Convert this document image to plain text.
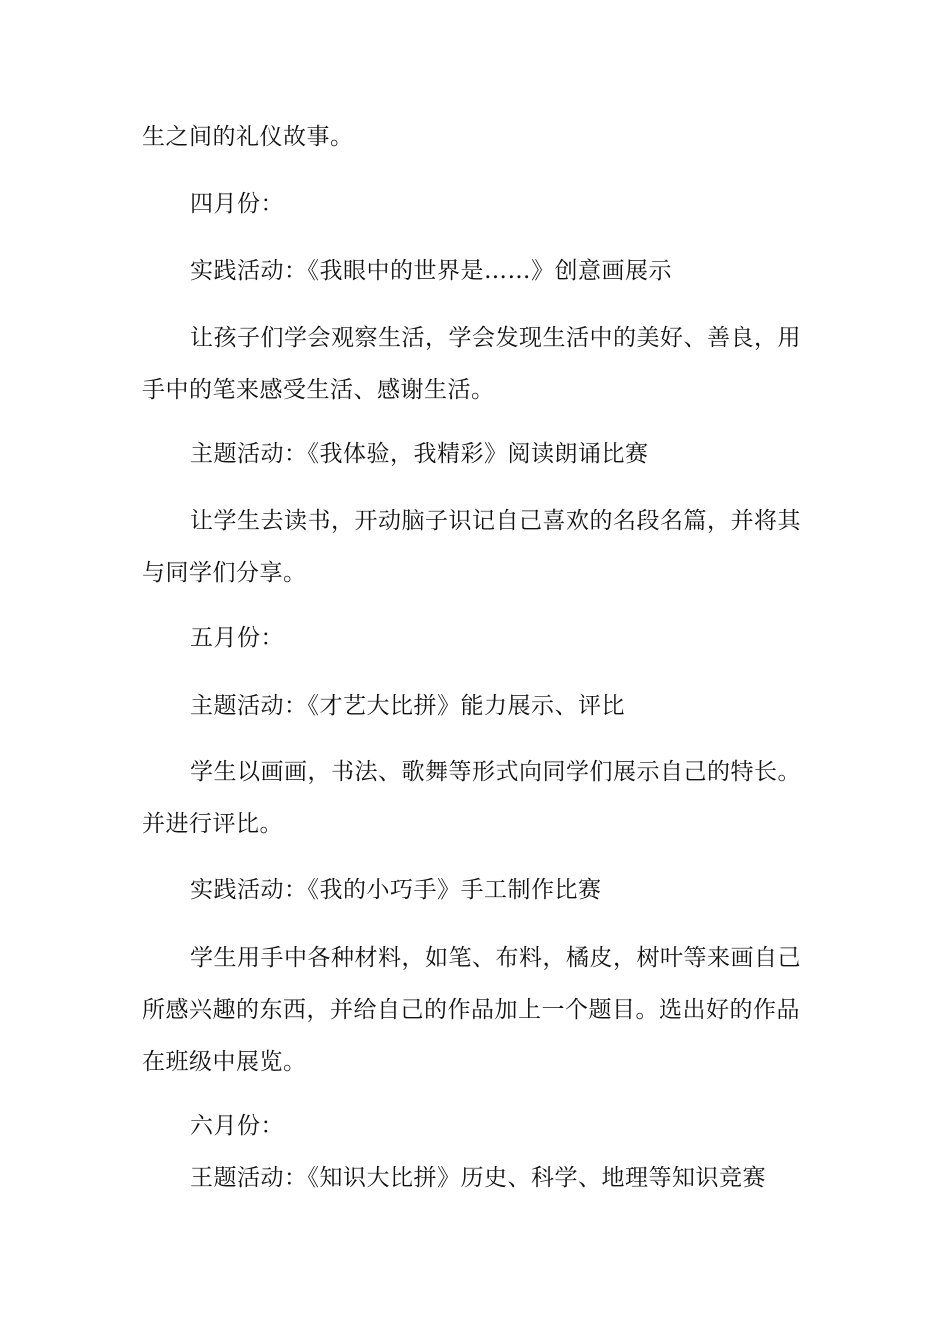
生之间的礼仪故事。

四月份：

实践活动：《我眼中的世界是……》创意画展示

让孩子们学会观察生活，学会发现生活中的美好、善良，用手中的笔来感受生活、感谢生活。

主题活动：《我体验，我精彩》阅读朗诵比赛

让学生去读书，开动脑子识记自己喜欢的名段名篇，并将其与同学们分享。

五月份：

主题活动：《才艺大比拼》能力展示、评比

学生以画画，书法、歌舞等形式向同学们展示自己的特长。并进行评比。

实践活动：《我的小巧手》手工制作比赛

学生用手中各种材料，如笔、布料，橘皮，树叶等来画自己所感兴趣的东西，并给自己的作品加上一个题目。选出好的作品在班级中展览。

六月份：

王题活动：《知识大比拼》历史、科学、地理等知识竞赛
